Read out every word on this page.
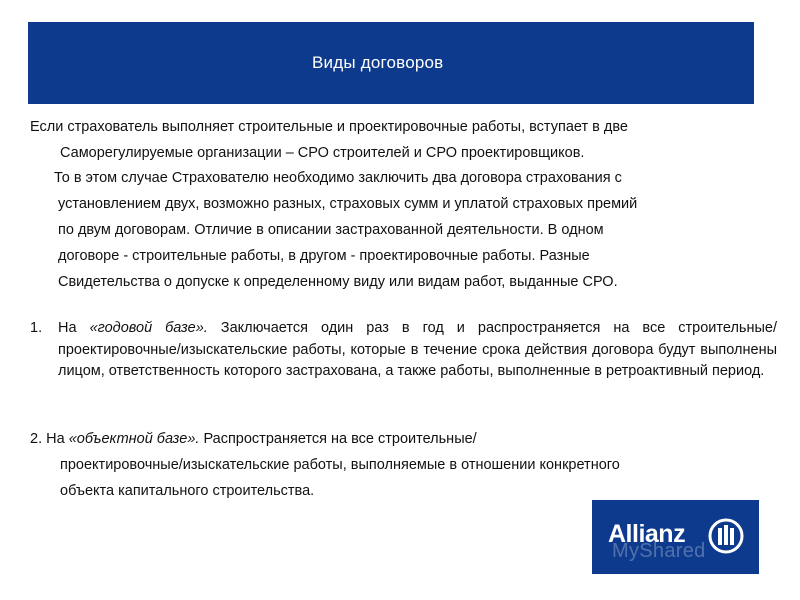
Виды договоров
Если страхователь выполняет строительные и проектировочные работы, вступает в две
Саморегулируемые организации – СРО строителей и СРО проектировщиков.
То в этом случае Страхователю необходимо заключить два договора страхования с
установлением двух, возможно разных, страховых сумм и уплатой страховых премий
по двум договорам. Отличие в описании застрахованной деятельности. В одном
договоре - строительные работы, в другом - проектировочные работы. Разные
Свидетельства о допуске к определенному виду или видам работ, выданные СРО.
1. На «годовой базе». Заключается один раз в год и распространяется на все строительные/проектировочные/изыскательские работы, которые в течение срока действия договора будут выполнены лицом, ответственность которого застрахована, а также работы, выполненные в ретроактивный период.
2. На «объектной базе». Распространяется на все строительные/
проектировочные/изыскательские работы, выполняемые в отношении конкретного
объекта капитального строительства.
Allianz
MyShared
